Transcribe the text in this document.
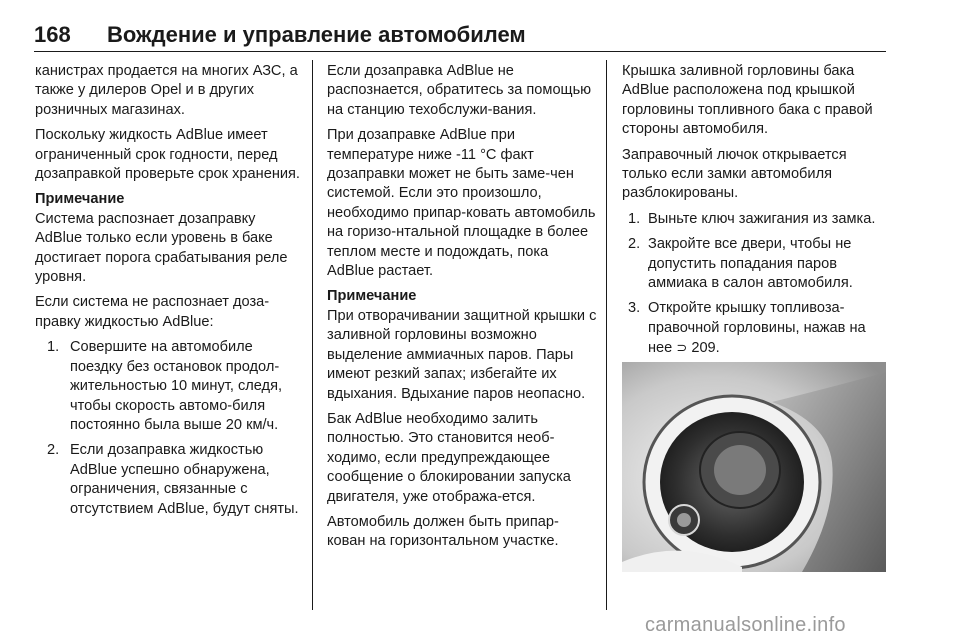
168 Вождение и управление автомобилем

канистрах продается на многих АЗС, а также у дилеров Opel и в других розничных магазинах.

Поскольку жидкость AdBlue имеет ограниченный срок годности, перед дозаправкой проверьте срок хранения.

Примечание

Система распознает дозаправку AdBlue только если уровень в баке достигает порога срабатывания реле уровня.

Если система не распознает доза-правку жидкостью AdBlue:

1. Совершите на автомобиле поездку без остановок продол-жительностью 10 минут, следя, чтобы скорость автомо-биля постоянно была выше 20 км/ч.
2. Если дозаправка жидкостью AdBlue успешно обнаружена, ограничения, связанные с отсутствием AdBlue, будут сняты.

Если дозаправка AdBlue не распознается, обратитесь за помощью на станцию техобслужи-вания.

При дозаправке AdBlue при температуре ниже -11 °C факт дозаправки может не быть заме-чен системой. Если это произошло, необходимо припар-ковать автомобиль на горизо-нтальной площадке в более теплом месте и подождать, пока AdBlue растает.

Примечание

При отворачивании защитной крышки с заливной горловины возможно выделение аммиачных паров. Пары имеют резкий запах; избегайте их вдыхания. Вдыхание паров неопасно.

Бак AdBlue необходимо залить полностью. Это становится необ-ходимо, если предупреждающее сообщение о блокировании запуска двигателя, уже отобража-ется.

Автомобиль должен быть припар-кован на горизонтальном участке.

Крышка заливной горловины бака AdBlue расположена под крышкой горловины топливного бака с правой стороны автомобиля.

Заправочный лючок открывается только если замки автомобиля разблокированы.

1. Выньте ключ зажигания из замка.
2. Закройте все двери, чтобы не допустить попадания паров аммиака в салон автомобиля.
3. Откройте крышку топливоза-правочной горловины, нажав на нее ⊃ 209.
carmanualsonline.info
